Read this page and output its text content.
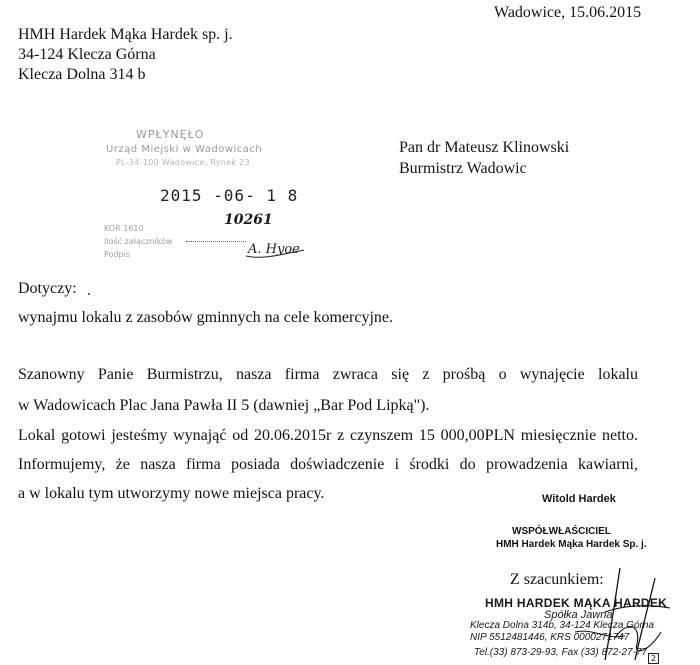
Wadowice, 15.06.2015
HMH Hardek Mąka Hardek sp. j.
34-124 Klecza Górna
Klecza Dolna 314 b
Pan dr Mateusz Klinowski
Burmistrz Wadowic
WPŁYNĘŁO
Urząd Miejski w Wadowicach
PL-34-100 Wadowice, Rynek 23
2015 -06- 1 8
KOR 1610
10261
Ilość załączników
Podpis	A. Hyoe
Dotyczy:
wynajmu lokalu z zasobów gminnych na cele komercyjne.
Szanowny Panie Burmistrzu, nasza firma zwraca się z prośbą o wynajęcie lokalu
w Wadowicach Plac Jana Pawła II 5 (dawniej „Bar Pod Lipką").
Lokal gotowi jesteśmy wynająć od 20.06.2015r z czynszem 15 000,00PLN miesięcznie netto.
Informujemy, że nasza firma posiada doświadczenie i środki do prowadzenia kawiarni,
a w lokalu tym utworzymy nowe miejsca pracy.	Witold Hardek
WSPÓŁWŁAŚCICIEL
HMH Hardek Mąka Hardek Sp. j.
Z szacunkiem:
HMH HARDEK MĄKA HARDEK
Spółka Jawna
Klecza Dolna 314b, 34-124 Klecza Górna
NIP 5512481446, KRS 0000271747
Tel.(33) 873-29-93, Fax (33) 872-27-77
2
